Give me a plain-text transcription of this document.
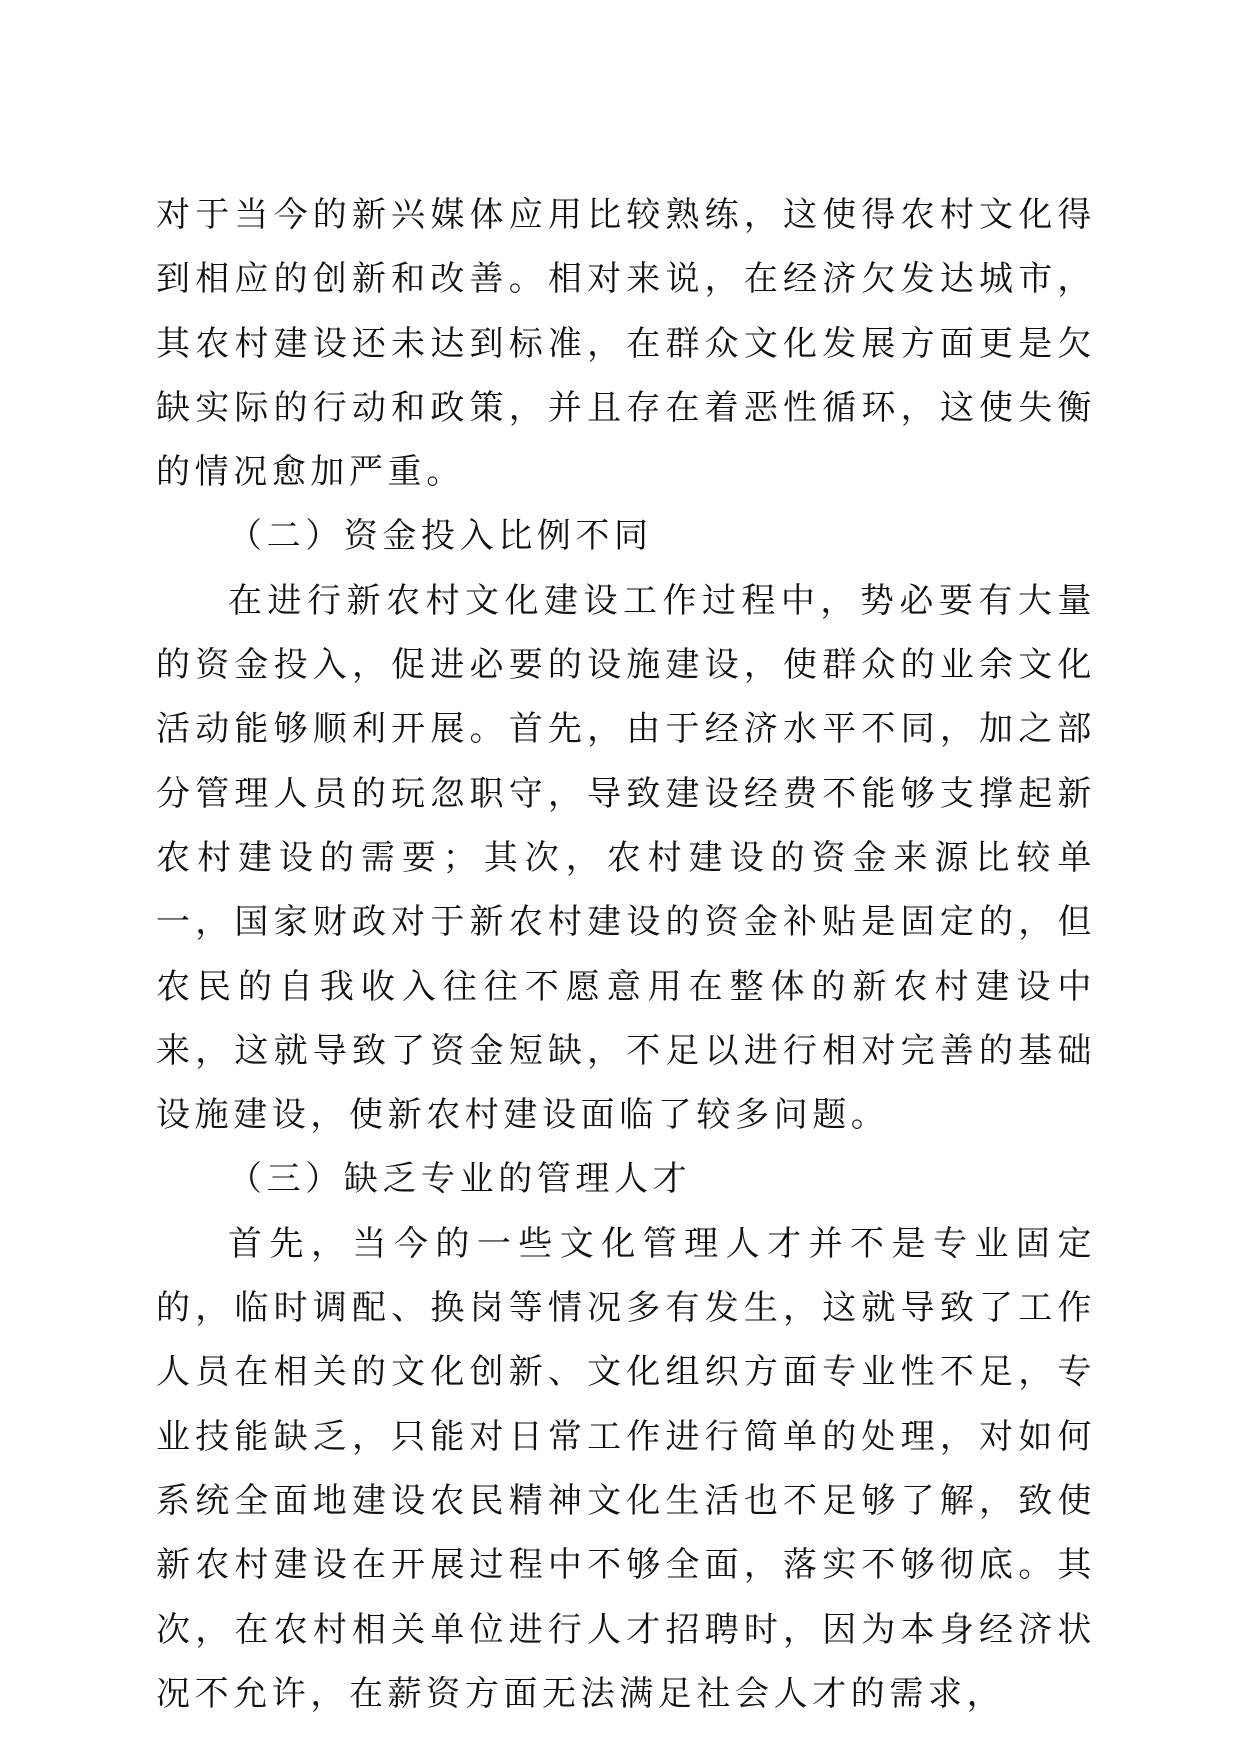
对于当今的新兴媒体应用比较熟练，这使得农村文化得到相应的创新和改善。相对来说，在经济欠发达城市，其农村建设还未达到标准，在群众文化发展方面更是欠缺实际的行动和政策，并且存在着恶性循环，这使失衡的情况愈加严重。

（二）资金投入比例不同

在进行新农村文化建设工作过程中，势必要有大量的资金投入，促进必要的设施建设，使群众的业余文化活动能够顺利开展。首先，由于经济水平不同，加之部分管理人员的玩忽职守，导致建设经费不能够支撑起新农村建设的需要；其次，农村建设的资金来源比较单一，国家财政对于新农村建设的资金补贴是固定的，但农民的自我收入往往不愿意用在整体的新农村建设中来，这就导致了资金短缺，不足以进行相对完善的基础设施建设，使新农村建设面临了较多问题。

（三）缺乏专业的管理人才

首先，当今的一些文化管理人才并不是专业固定的，临时调配、换岗等情况多有发生，这就导致了工作人员在相关的文化创新、文化组织方面专业性不足，专业技能缺乏，只能对日常工作进行简单的处理，对如何系统全面地建设农民精神文化生活也不足够了解，致使新农村建设在开展过程中不够全面，落实不够彻底。其次，在农村相关单位进行人才招聘时，因为本身经济状况不允许，在薪资方面无法满足社会人才的需求，
